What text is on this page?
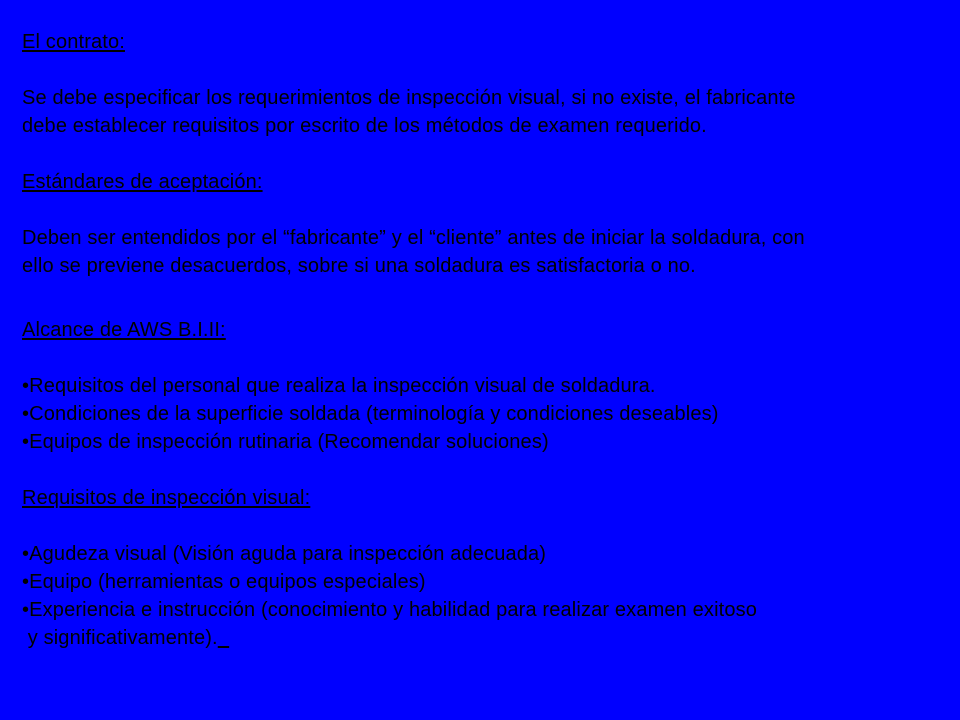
El contrato:
Se debe especificar los requerimientos de inspección visual, si no existe, el fabricante
debe establecer requisitos por escrito de los métodos de examen requerido.
Estándares de aceptación:
Deben ser entendidos por el “fabricante” y el “cliente” antes de iniciar la soldadura, con
ello se previene desacuerdos, sobre si una soldadura es satisfactoria o no.
Alcance de AWS B.I.II:
•Requisitos del personal que realiza la inspección visual de soldadura.
•Condiciones de la superficie soldada (terminología y condiciones deseables)
•Equipos de inspección rutinaria (Recomendar soluciones)
Requisitos de inspección visual:
•Agudeza visual (Visión aguda para inspección adecuada)
•Equipo (herramientas o equipos especiales)
•Experiencia e instrucción (conocimiento y habilidad para realizar examen exitoso
y significativamente).
